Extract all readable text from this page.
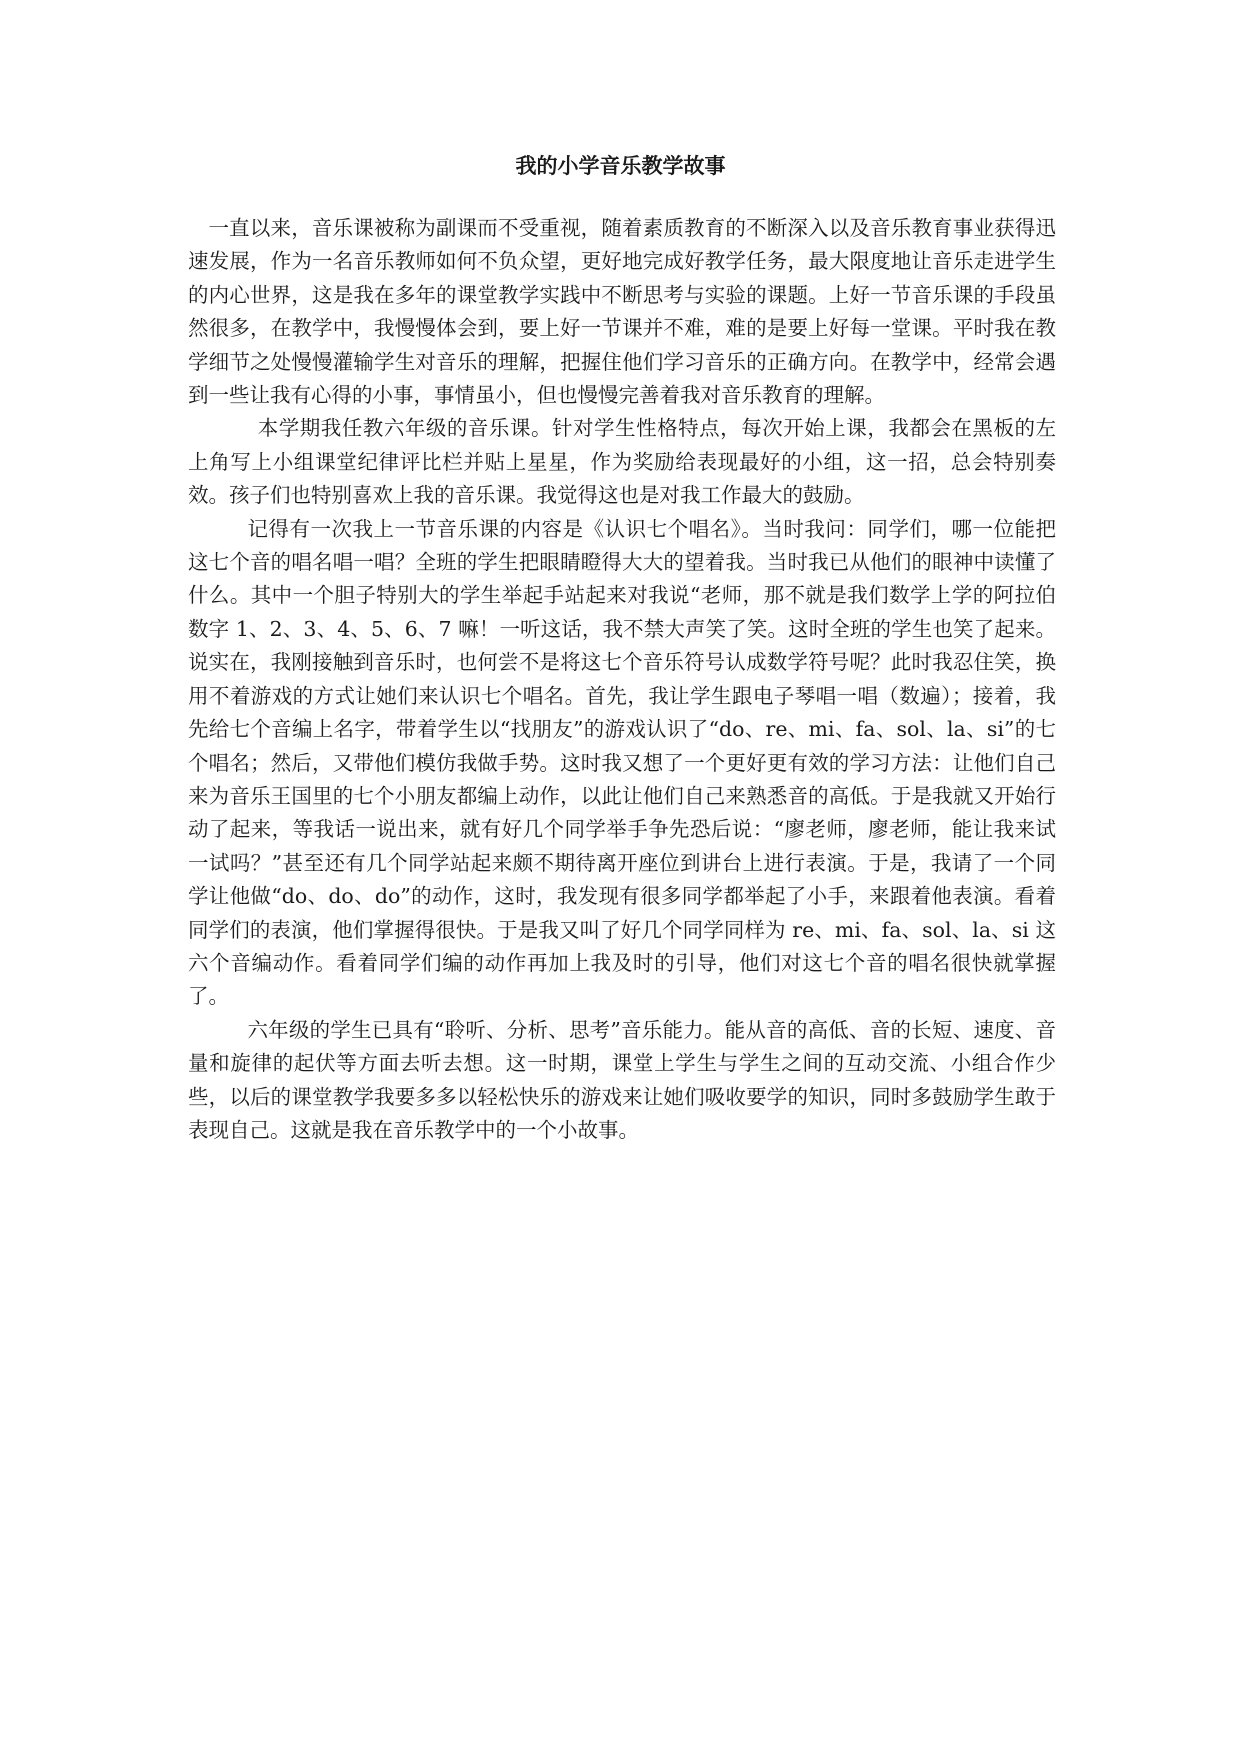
我的小学音乐教学故事

一直以来，音乐课被称为副课而不受重视，随着素质教育的不断深入以及音乐教育事业获得迅速发展，作为一名音乐教师如何不负众望，更好地完成好教学任务，最大限度地让音乐走进学生的内心世界，这是我在多年的课堂教学实践中不断思考与实验的课题。上好一节音乐课的手段虽然很多，在教学中，我慢慢体会到，要上好一节课并不难，难的是要上好每一堂课。平时我在教学细节之处慢慢灌输学生对音乐的理解，把握住他们学习音乐的正确方向。在教学中，经常会遇到一些让我有心得的小事，事情虽小，但也慢慢完善着我对音乐教育的理解。

本学期我任教六年级的音乐课。针对学生性格特点，每次开始上课，我都会在黑板的左上角写上小组课堂纪律评比栏并贴上星星，作为奖励给表现最好的小组，这一招，总会特别奏效。孩子们也特别喜欢上我的音乐课。我觉得这也是对我工作最大的鼓励。

记得有一次我上一节音乐课的内容是《认识七个唱名》。当时我问：同学们，哪一位能把这七个音的唱名唱一唱？全班的学生把眼睛瞪得大大的望着我。当时我已从他们的眼神中读懂了什么。其中一个胆子特别大的学生举起手站起来对我说“老师，那不就是我们数学上学的阿拉伯数字 1、2、3、4、5、6、7 嘛！一听这话，我不禁大声笑了笑。这时全班的学生也笑了起来。说实在，我刚接触到音乐时，也何尝不是将这七个音乐符号认成数学符号呢？此时我忍住笑，换用不着游戏的方式让她们来认识七个唱名。首先，我让学生跟电子琴唱一唱（数遍）；接着，我先给七个音编上名字，带着学生以“找朋友”的游戏认识了“do、re、mi、fa、sol、la、si”的七个唱名；然后，又带他们模仿我做手势。这时我又想了一个更好更有效的学习方法：让他们自己来为音乐王国里的七个小朋友都编上动作，以此让他们自己来熟悉音的高低。于是我就又开始行动了起来，等我话一说出来，就有好几个同学举手争先恐后说：“廖老师，廖老师，能让我来试一试吗？”甚至还有几个同学站起来颇不期待离开座位到讲台上进行表演。于是，我请了一个同学让他做“do、do、do”的动作，这时，我发现有很多同学都举起了小手，来跟着他表演。看着同学们的表演，他们掌握得很快。于是我又叫了好几个同学同样为 re、mi、fa、sol、la、si 这六个音编动作。看着同学们编的动作再加上我及时的引导，他们对这七个音的唱名很快就掌握了。

六年级的学生已具有“聆听、分析、思考”音乐能力。能从音的高低、音的长短、速度、音量和旋律的起伏等方面去听去想。这一时期，课堂上学生与学生之间的互动交流、小组合作少些，以后的课堂教学我要多多以轻松快乐的游戏来让她们吸收要学的知识，同时多鼓励学生敢于表现自己。这就是我在音乐教学中的一个小故事。
